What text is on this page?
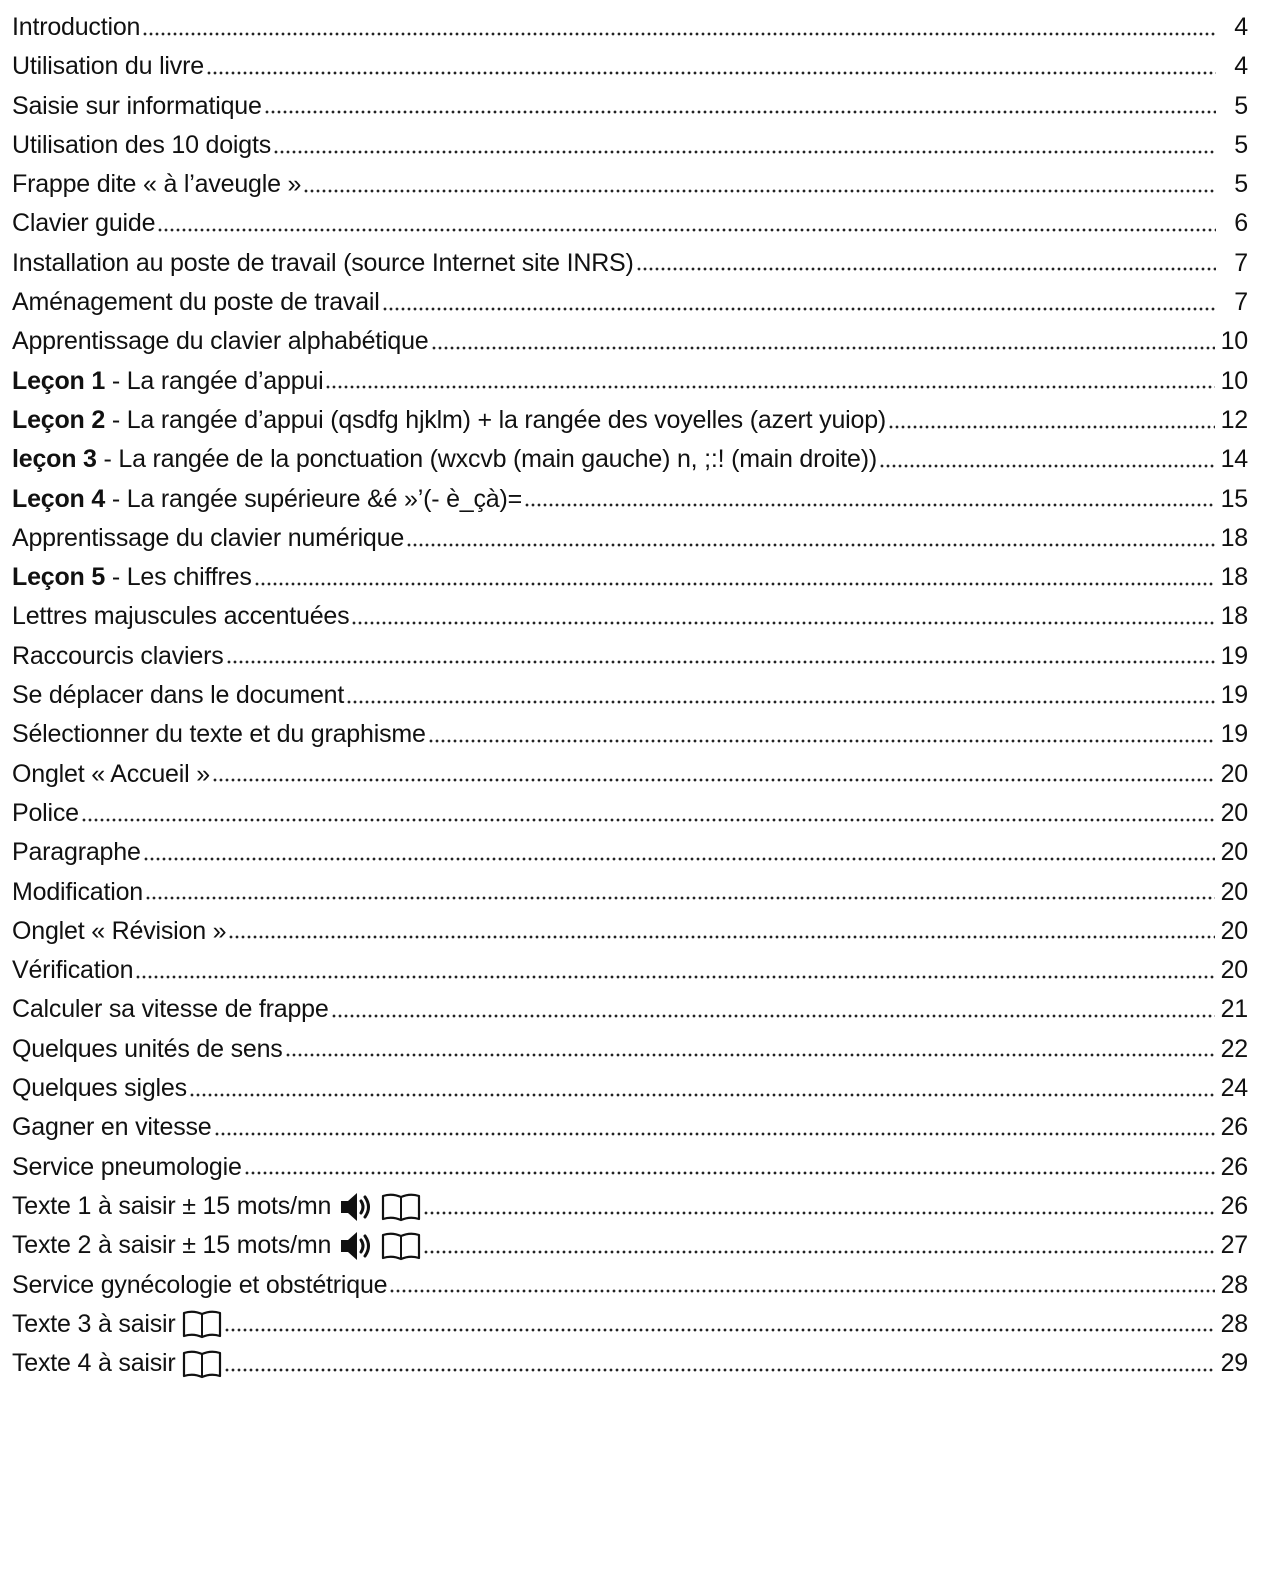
Introduction	4
Utilisation du livre	4
Saisie sur informatique	5
Utilisation des 10 doigts	5
Frappe dite « à l’aveugle »	5
Clavier guide	6
Installation au poste de travail (source Internet site INRS)	7
Aménagement du poste de travail	7
Apprentissage du clavier alphabétique	10
Leçon 1 - La rangée d’appui	10
Leçon 2 - La rangée d’appui (qsdfg hjklm) + la rangée des voyelles (azert yuiop)	12
leçon 3 - La rangée de la ponctuation (wxcvb (main gauche) n, ;:! (main droite))	14
Leçon 4 - La rangée supérieure &é »’(- è_çà)=	15
Apprentissage du clavier numérique	18
Leçon 5 - Les chiffres	18
Lettres majuscules accentuées	18
Raccourcis claviers	19
Se déplacer dans le document	19
Sélectionner du texte et du graphisme	19
Onglet « Accueil »	20
Police	20
Paragraphe	20
Modification	20
Onglet « Révision »	20
Vérification	20
Calculer sa vitesse de frappe	21
Quelques unités de sens	22
Quelques sigles	24
Gagner en vitesse	26
Service pneumologie	26
Texte 1 à saisir ± 15 mots/mn	26
Texte 2 à saisir ± 15 mots/mn	27
Service gynécologie et obstétrique	28
Texte 3 à saisir	28
Texte 4 à saisir	29
